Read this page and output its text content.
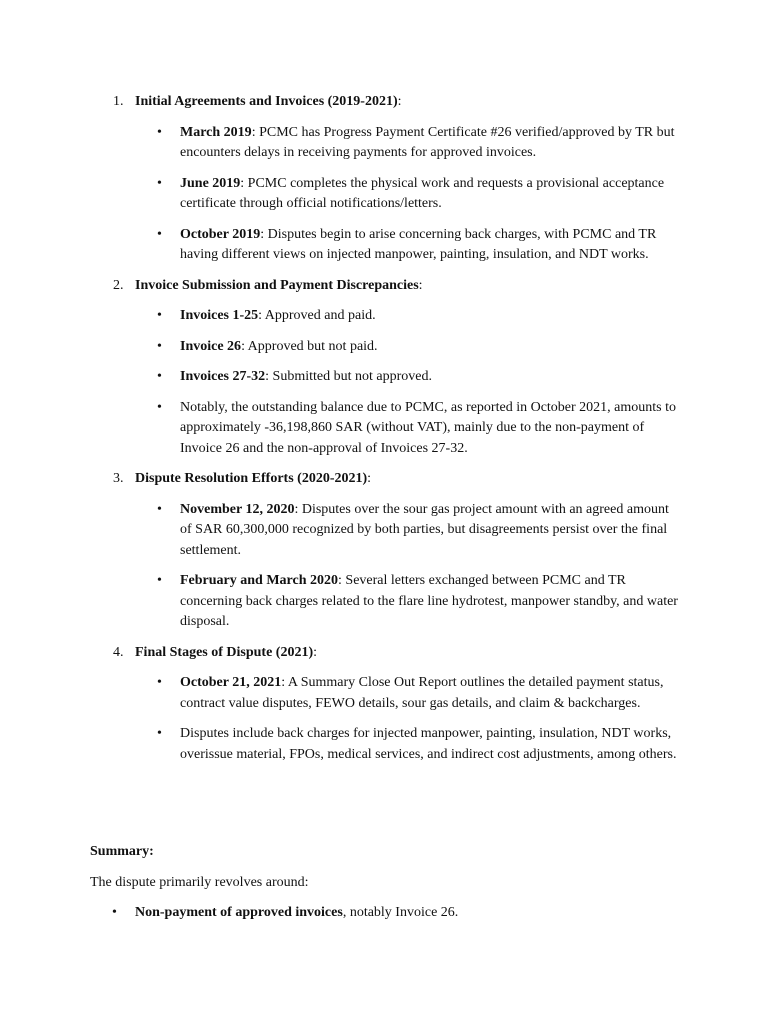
1. Initial Agreements and Invoices (2019-2021):
• March 2019: PCMC has Progress Payment Certificate #26 verified/approved by TR but encounters delays in receiving payments for approved invoices.
• June 2019: PCMC completes the physical work and requests a provisional acceptance certificate through official notifications/letters.
• October 2019: Disputes begin to arise concerning back charges, with PCMC and TR having different views on injected manpower, painting, insulation, and NDT works.
2. Invoice Submission and Payment Discrepancies:
• Invoices 1-25: Approved and paid.
• Invoice 26: Approved but not paid.
• Invoices 27-32: Submitted but not approved.
• Notably, the outstanding balance due to PCMC, as reported in October 2021, amounts to approximately -36,198,860 SAR (without VAT), mainly due to the non-payment of Invoice 26 and the non-approval of Invoices 27-32.
3. Dispute Resolution Efforts (2020-2021):
• November 12, 2020: Disputes over the sour gas project amount with an agreed amount of SAR 60,300,000 recognized by both parties, but disagreements persist over the final settlement.
• February and March 2020: Several letters exchanged between PCMC and TR concerning back charges related to the flare line hydrotest, manpower standby, and water disposal.
4. Final Stages of Dispute (2021):
• October 21, 2021: A Summary Close Out Report outlines the detailed payment status, contract value disputes, FEWO details, sour gas details, and claim & backcharges.
• Disputes include back charges for injected manpower, painting, insulation, NDT works, overissue material, FPOs, medical services, and indirect cost adjustments, among others.
Summary:
The dispute primarily revolves around:
• Non-payment of approved invoices, notably Invoice 26.
